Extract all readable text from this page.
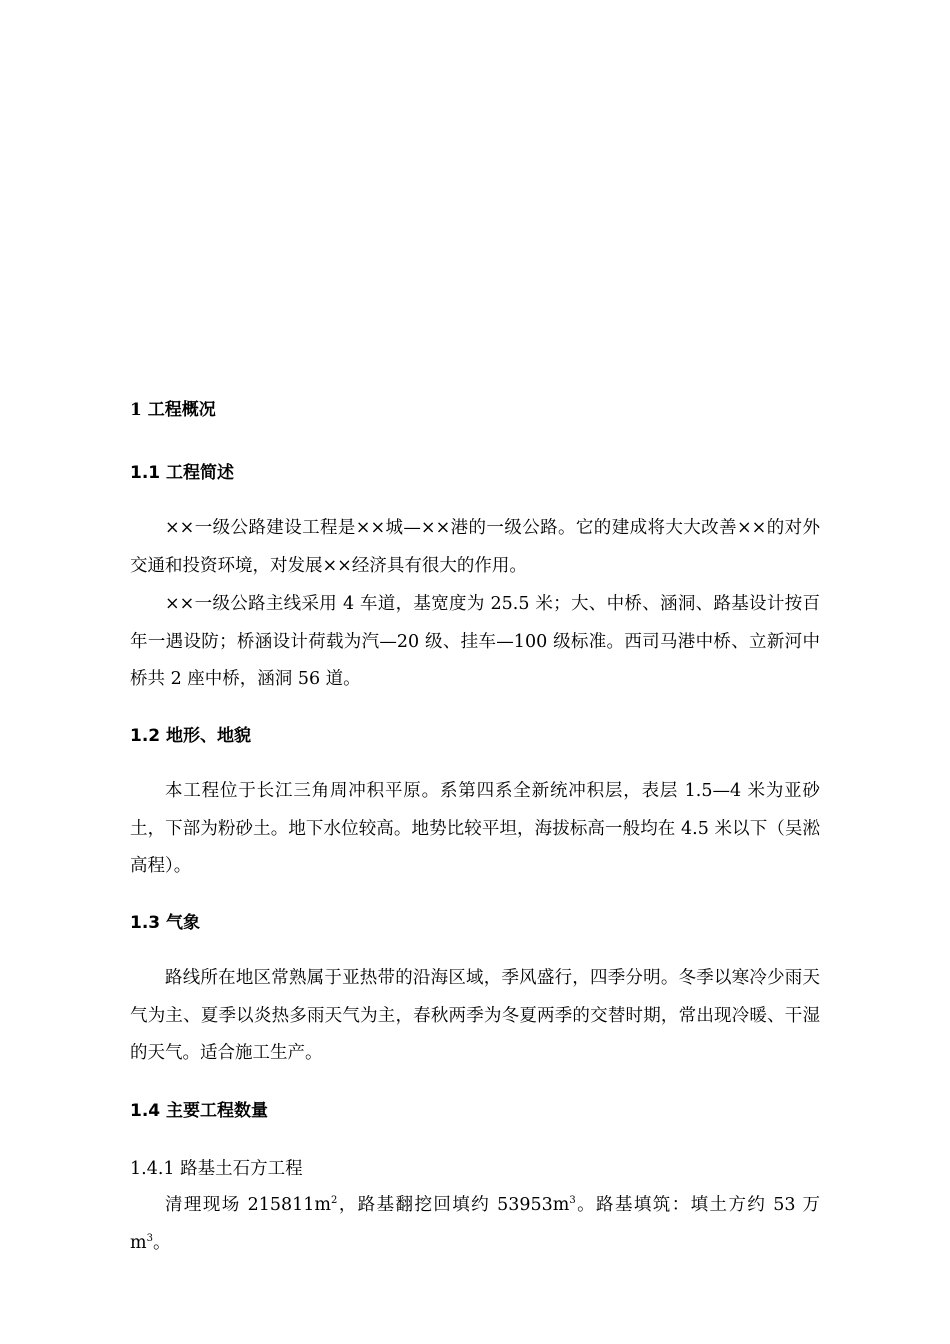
1 工程概况
1.1 工程简述
××一级公路建设工程是××城—××港的一级公路。它的建成将大大改善××的对外交通和投资环境，对发展××经济具有很大的作用。
××一级公路主线采用 4 车道，基宽度为 25.5 米；大、中桥、涵洞、路基设计按百年一遇设防；桥涵设计荷载为汽—20 级、挂车—100 级标准。西司马港中桥、立新河中桥共 2 座中桥，涵洞 56 道。
1.2 地形、地貌
本工程位于长江三角周冲积平原。系第四系全新统冲积层，表层 1.5—4 米为亚砂土，下部为粉砂土。地下水位较高。地势比较平坦，海拔标高一般均在 4.5 米以下（吴淞高程）。
1.3 气象
路线所在地区常熟属于亚热带的沿海区域，季风盛行，四季分明。冬季以寒冷少雨天气为主、夏季以炎热多雨天气为主，春秋两季为冬夏两季的交替时期，常出现冷暖、干湿的天气。适合施工生产。
1.4 主要工程数量
1.4.1 路基土石方工程
清理现场 $215811m^2$，路基翻挖回填约 $53953m^3$。路基填筑：填土方约 53 万 $m^3$。
